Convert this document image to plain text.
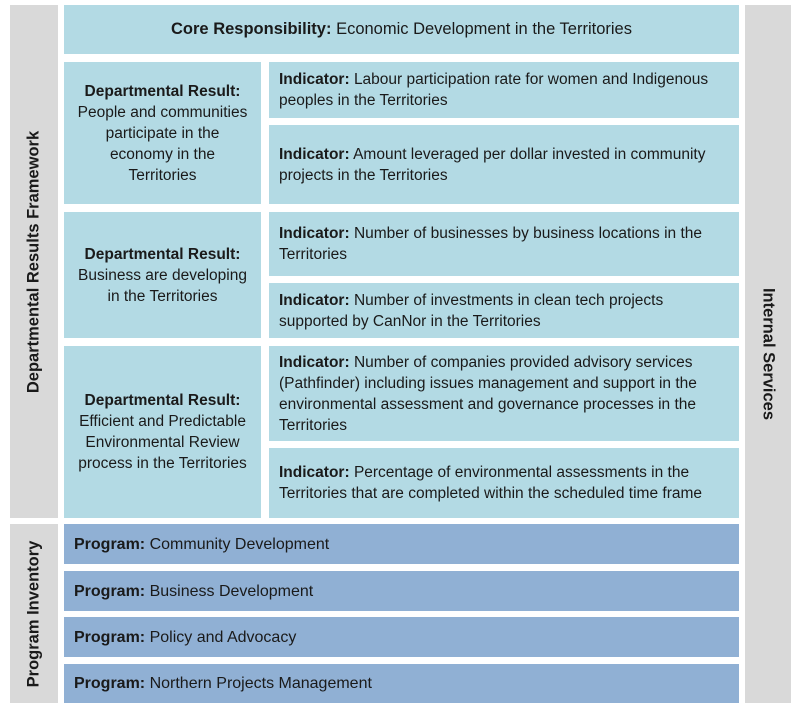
Departmental Results Framework
Program Inventory
Internal Services
Core Responsibility: Economic Development in the Territories
Departmental Result:
People and communities participate in the economy in the Territories
Indicator: Labour participation rate for women and Indigenous peoples in the Territories
Indicator: Amount leveraged per dollar invested in community projects in the Territories
Departmental Result:
Business are developing in the Territories
Indicator: Number of businesses by business locations in the Territories
Indicator: Number of investments in clean tech projects supported by CanNor in the Territories
Departmental Result:
Efficient and Predictable Environmental Review process in the Territories
Indicator: Number of companies provided advisory services (Pathfinder) including issues management and support in the environmental assessment and governance processes in the Territories
Indicator: Percentage of environmental assessments in the Territories that are completed within the scheduled time frame
Program: Community Development
Program: Business Development
Program: Policy and Advocacy
Program: Northern Projects Management
